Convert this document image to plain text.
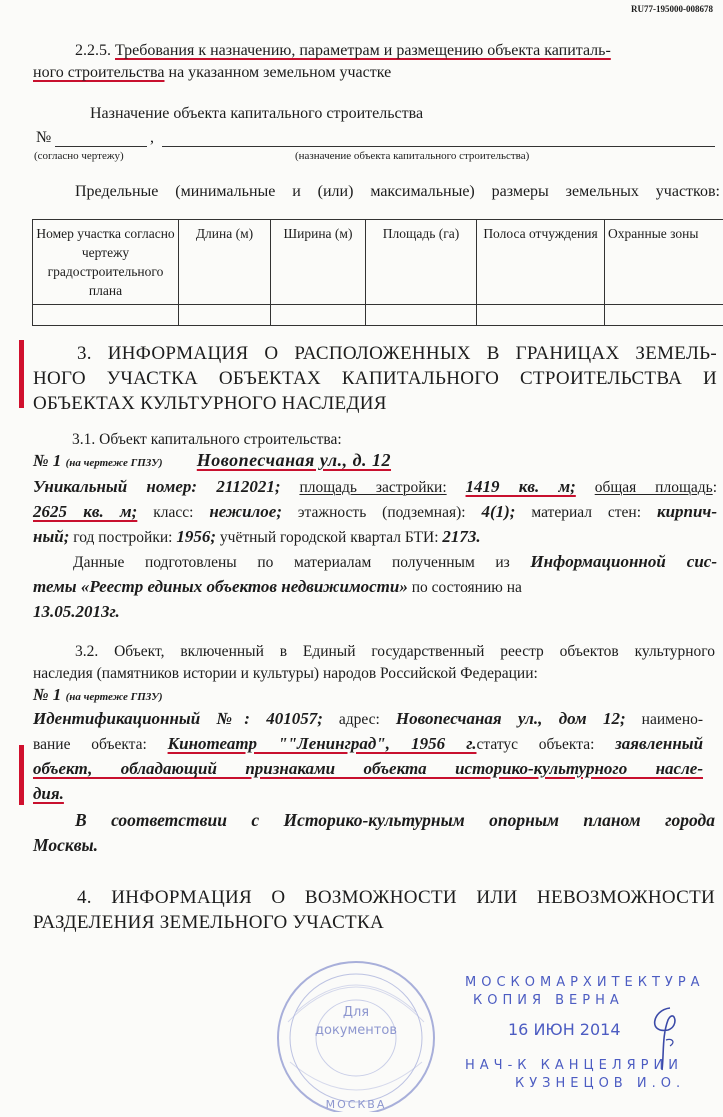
RU77-195000-008678
2.2.5. Требования к назначению, параметрам и размещению объекта капиталь-
ного строительства на указанном земельном участке
Назначение объекта капитального строительства
№	,
(согласно чертежу)	(назначение объекта капитального строительства)
Предельные (минимальные и (или) максимальные) размеры земельных участков:
Номер участка согласно чертежу градостроительного плана	Длина (м)	Ширина (м)	Площадь (га)	Полоса отчуждения	Охранные зоны

3. ИНФОРМАЦИЯ О РАСПОЛОЖЕННЫХ В ГРАНИЦАХ ЗЕМЕЛЬ-
НОГО УЧАСТКА ОБЪЕКТАХ КАПИТАЛЬНОГО СТРОИТЕЛЬСТВА И
ОБЪЕКТАХ КУЛЬТУРНОГО НАСЛЕДИЯ
3.1. Объект капитального строительства:
№ 1 (на чертеже ГПЗУ) Новопесчаная ул., д. 12
Уникальный номер: 2112021; площадь застройки: 1419 кв. м; общая площадь:
2625 кв. м; класс: нежилое; этажность (подземная): 4(1); материал стен: кирпич-
ный; год постройки: 1956; учётный городской квартал БТИ: 2173.
Данные подготовлены по материалам полученным из Информационной сис-
темы «Реестр единых объектов недвижимости» по состоянию на
13.05.2013г.
3.2. Объект, включенный в Единый государственный реестр объектов культурного
наследия (памятников истории и культуры) народов Российской Федерации:
№ 1 (на чертеже ГПЗУ)
Идентификационный №: 401057; адрес: Новопесчаная ул., дом 12; наимено-
вание объекта: Кинотеатр ""Ленинград", 1956 г.статус объекта: заявленный
объект, обладающий признаками объекта историко-культурного насле-
дия.
В соответствии с Историко-культурным опорным планом города
Москвы.
4. ИНФОРМАЦИЯ О ВОЗМОЖНОСТИ ИЛИ НЕВОЗМОЖНОСТИ
РАЗДЕЛЕНИЯ ЗЕМЕЛЬНОГО УЧАСТКА
Для
документов
МОСКВА
МОСКОМАРХИТЕКТУРА
КОПИЯ ВЕРНА
16 ИЮН 2014
НАЧ-К КАНЦЕЛЯРИИ
КУЗНЕЦОВ И.О.
